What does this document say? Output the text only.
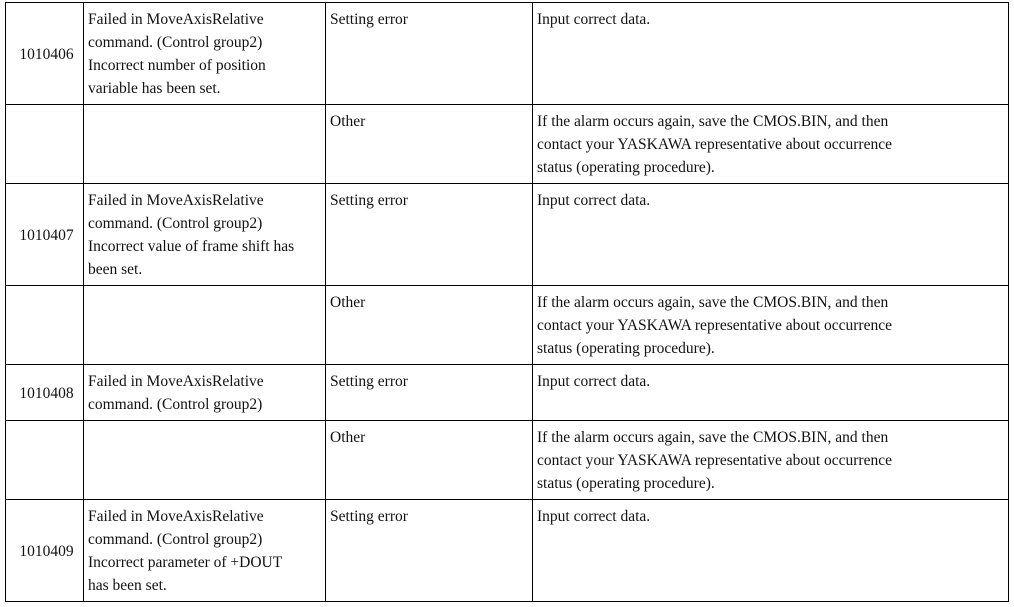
1010406	Failed in MoveAxisRelative
command. (Control group2)
Incorrect number of position
variable has been set.	Setting error	Input correct data.

		Other	If the alarm occurs again, save the CMOS.BIN, and then
contact your YASKAWA representative about occurrence
status (operating procedure).

1010407	Failed in MoveAxisRelative
command. (Control group2)
Incorrect value of frame shift has
been set.	Setting error	Input correct data.

		Other	If the alarm occurs again, save the CMOS.BIN, and then
contact your YASKAWA representative about occurrence
status (operating procedure).

1010408	Failed in MoveAxisRelative
command. (Control group2)	Setting error	Input correct data.

		Other	If the alarm occurs again, save the CMOS.BIN, and then
contact your YASKAWA representative about occurrence
status (operating procedure).

1010409	Failed in MoveAxisRelative
command. (Control group2)
Incorrect parameter of +DOUT
has been set.	Setting error	Input correct data.
